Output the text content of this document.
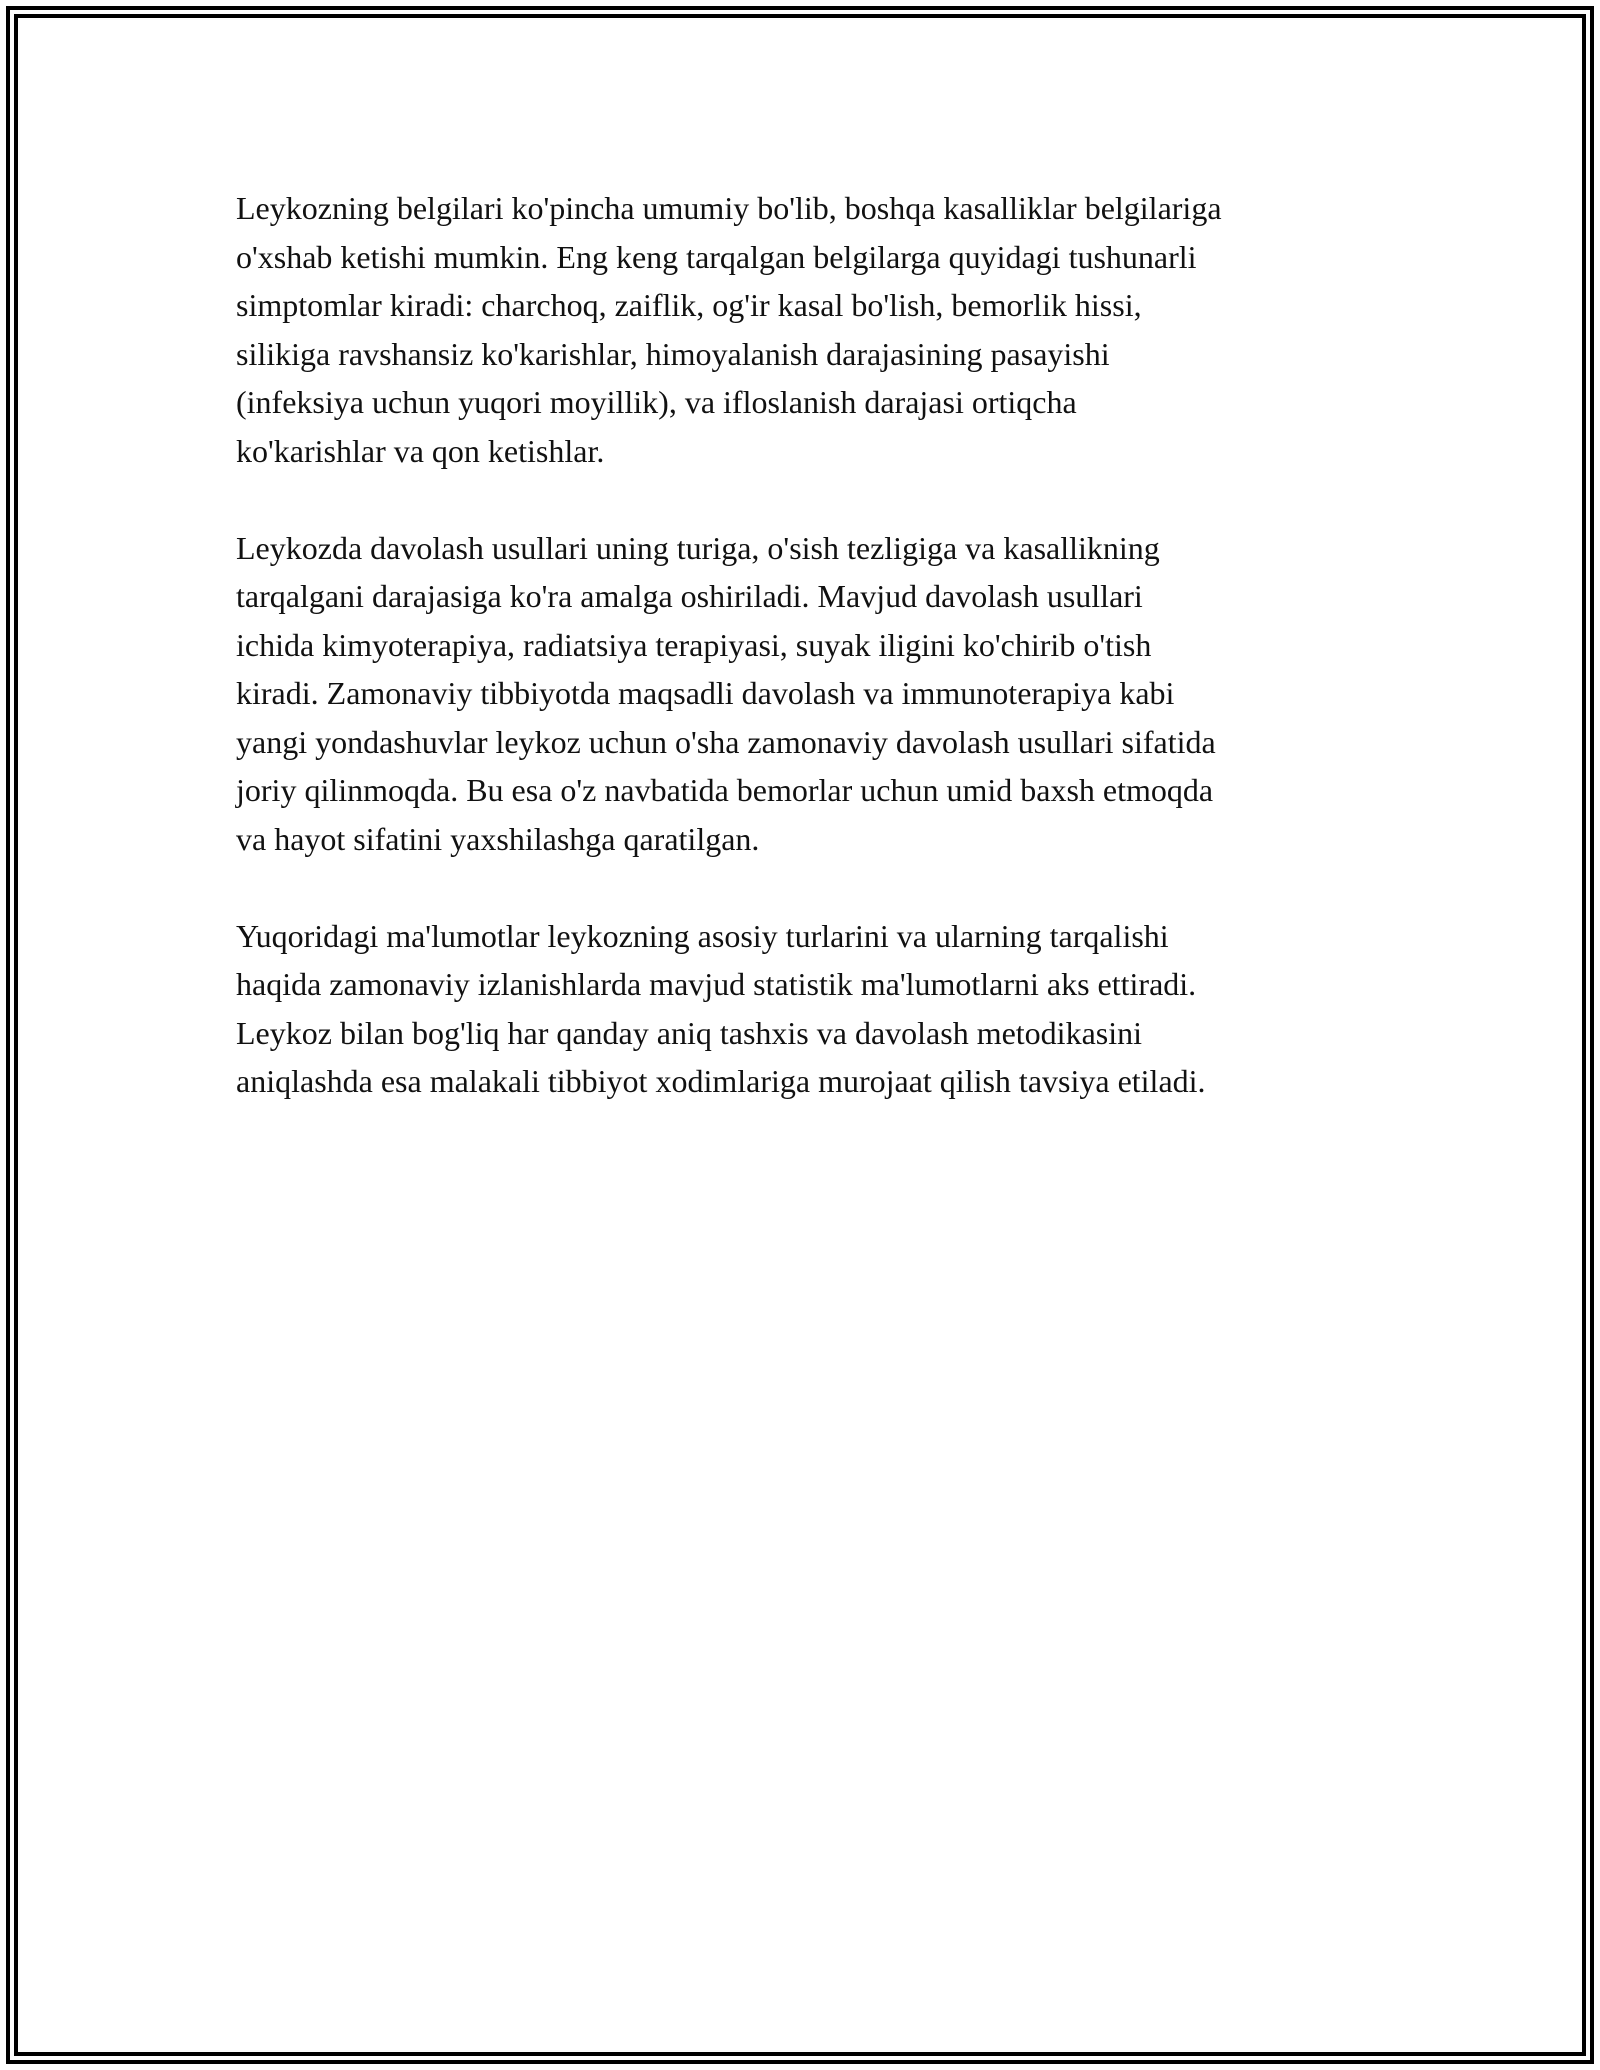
Leykozning belgilari ko'pincha umumiy bo'lib, boshqa kasalliklar belgilariga
o'xshab ketishi mumkin. Eng keng tarqalgan belgilarga quyidagi tushunarli
simptomlar kiradi: charchoq, zaiflik, og'ir kasal bo'lish, bemorlik hissi,
silikiga ravshansiz ko'karishlar, himoyalanish darajasining pasayishi
(infeksiya uchun yuqori moyillik), va ifloslanish darajasi ortiqcha
ko'karishlar va qon ketishlar.

Leykozda davolash usullari uning turiga, o'sish tezligiga va kasallikning
tarqalgani darajasiga ko'ra amalga oshiriladi. Mavjud davolash usullari
ichida kimyoterapiya, radiatsiya terapiyasi, suyak iligini ko'chirib o'tish
kiradi. Zamonaviy tibbiyotda maqsadli davolash va immunoterapiya kabi
yangi yondashuvlar leykoz uchun o'sha zamonaviy davolash usullari sifatida
joriy qilinmoqda. Bu esa o'z navbatida bemorlar uchun umid baxsh etmoqda
va hayot sifatini yaxshilashga qaratilgan.

Yuqoridagi ma'lumotlar leykozning asosiy turlarini va ularning tarqalishi
haqida zamonaviy izlanishlarda mavjud statistik ma'lumotlarni aks ettiradi.
Leykoz bilan bog'liq har qanday aniq tashxis va davolash metodikasini
aniqlashda esa malakali tibbiyot xodimlariga murojaat qilish tavsiya etiladi.
